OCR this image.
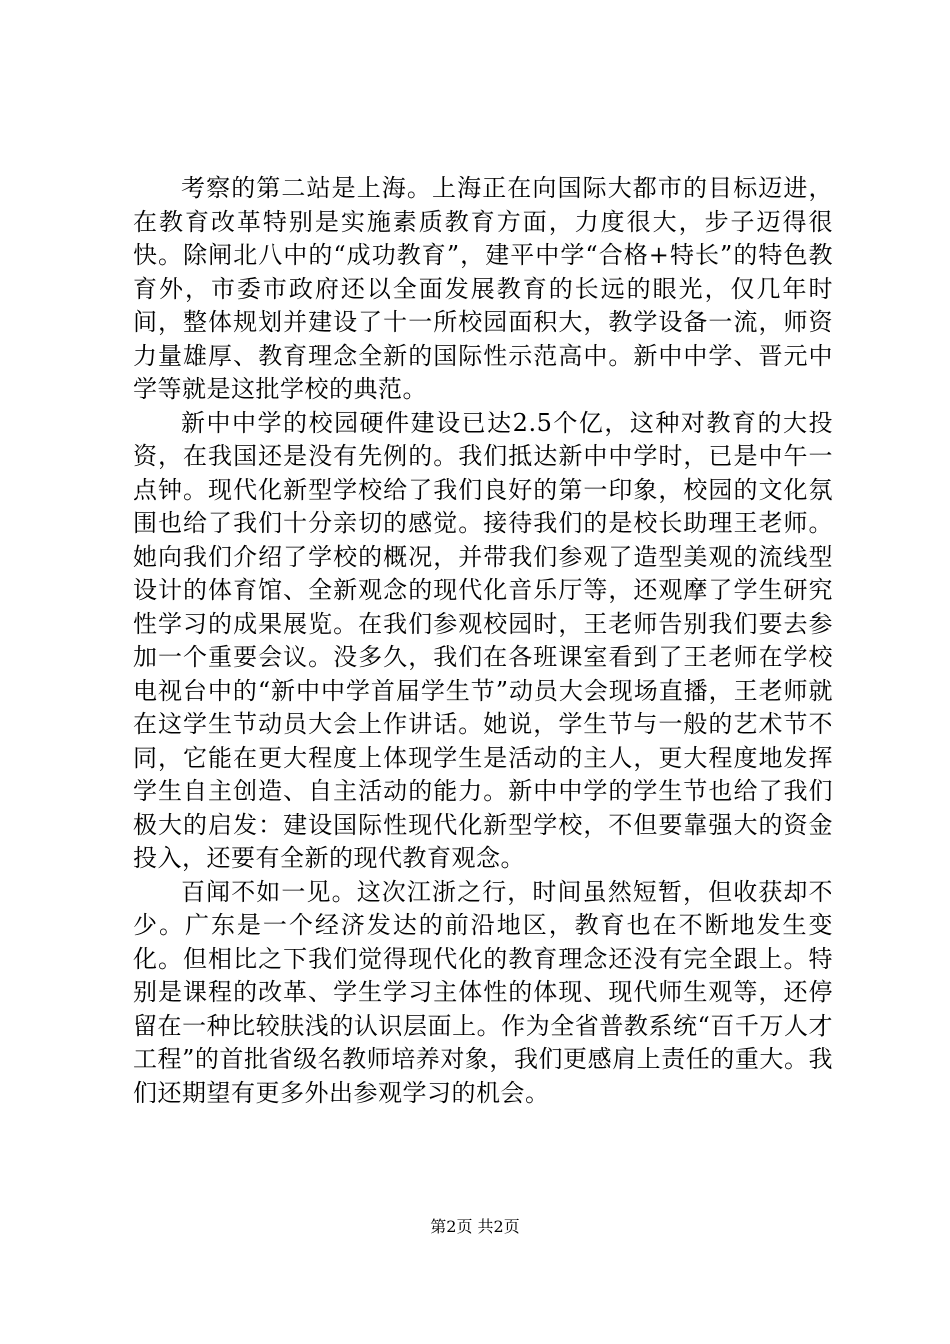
考察的第二站是上海。上海正在向国际大都市的目标迈进，在教育改革特别是实施素质教育方面，力度很大，步子迈得很快。除闸北八中的“成功教育”，建平中学“合格+特长”的特色教育外，市委市政府还以全面发展教育的长远的眼光，仅几年时间，整体规划并建设了十一所校园面积大，教学设备一流，师资力量雄厚、教育理念全新的国际性示范高中。新中中学、晋元中学等就是这批学校的典范。

新中中学的校园硬件建设已达2.5个亿，这种对教育的大投资，在我国还是没有先例的。我们抵达新中中学时，已是中午一点钟。现代化新型学校给了我们良好的第一印象，校园的文化氛围也给了我们十分亲切的感觉。接待我们的是校长助理王老师。她向我们介绍了学校的概况，并带我们参观了造型美观的流线型设计的体育馆、全新观念的现代化音乐厅等，还观摩了学生研究性学习的成果展览。在我们参观校园时，王老师告别我们要去参加一个重要会议。没多久，我们在各班课室看到了王老师在学校电视台中的“新中中学首届学生节”动员大会现场直播，王老师就在这学生节动员大会上作讲话。她说，学生节与一般的艺术节不同，它能在更大程度上体现学生是活动的主人，更大程度地发挥学生自主创造、自主活动的能力。新中中学的学生节也给了我们极大的启发：建设国际性现代化新型学校，不但要靠强大的资金投入，还要有全新的现代教育观念。

百闻不如一见。这次江浙之行，时间虽然短暂，但收获却不少。广东是一个经济发达的前沿地区，教育也在不断地发生变化。但相比之下我们觉得现代化的教育理念还没有完全跟上。特别是课程的改革、学生学习主体性的体现、现代师生观等，还停留在一种比较肤浅的认识层面上。作为全省普教系统“百千万人才工程”的首批省级名教师培养对象，我们更感肩上责任的重大。我们还期望有更多外出参观学习的机会。

第2页 共2页
